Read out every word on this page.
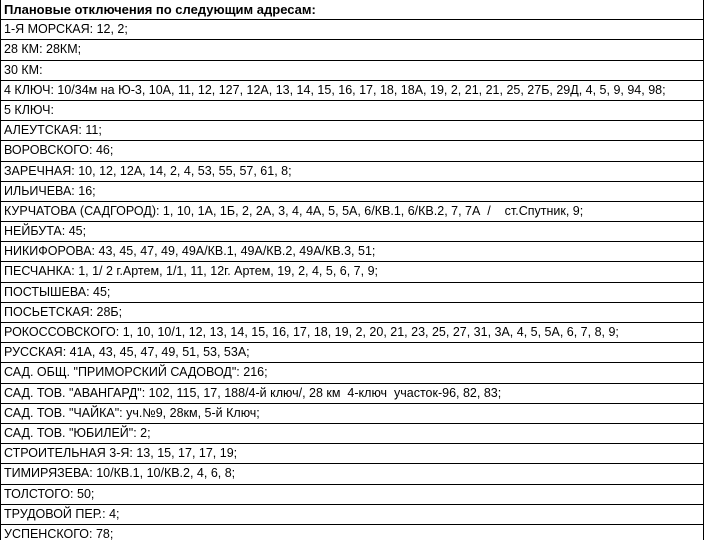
Плановые отключения по следующим адресам:
1-Я МОРСКАЯ: 12, 2;
28 КМ: 28КМ;
30 КМ:
4 КЛЮЧ: 10/34м на Ю-3, 10А, 11, 12, 127, 12А, 13, 14, 15, 16, 17, 18, 18А, 19, 2, 21, 21, 25, 27Б, 29Д, 4, 5, 9, 94, 98;
5 КЛЮЧ:
АЛЕУТСКАЯ: 11;
ВОРОВСКОГО: 46;
ЗАРЕЧНАЯ: 10, 12, 12А, 14, 2, 4, 53, 55, 57, 61, 8;
ИЛЬИЧЕВА: 16;
КУРЧАТОВА (САДГОРОД): 1, 10, 1А, 1Б, 2, 2А, 3, 4, 4А, 5, 5А, 6/КВ.1, 6/КВ.2, 7, 7А  /    ст.Спутник, 9;
НЕЙБУТА: 45;
НИКИФОРОВА: 43, 45, 47, 49, 49А/КВ.1, 49А/КВ.2, 49А/КВ.3, 51;
ПЕСЧАНКА: 1, 1/ 2 г.Артем, 1/1, 11, 12г. Артем, 19, 2, 4, 5, 6, 7, 9;
ПОСТЫШЕВА: 45;
ПОСЬЕТСКАЯ: 28Б;
РОКОССОВСКОГО: 1, 10, 10/1, 12, 13, 14, 15, 16, 17, 18, 19, 2, 20, 21, 23, 25, 27, 31, 3А, 4, 5, 5А, 6, 7, 8, 9;
РУССКАЯ: 41А, 43, 45, 47, 49, 51, 53, 53А;
САД. ОБЩ. "ПРИМОРСКИЙ САДОВОД": 216;
САД. ТОВ. "АВАНГАРД": 102, 115, 17, 188/4-й ключ/, 28 км  4-ключ  участок-96, 82, 83;
САД. ТОВ. "ЧАЙКА": уч.№9, 28км, 5-й Ключ;
САД. ТОВ. "ЮБИЛЕЙ": 2;
СТРОИТЕЛЬНАЯ 3-Я: 13, 15, 17, 17, 19;
ТИМИРЯЗЕВА: 10/КВ.1, 10/КВ.2, 4, 6, 8;
ТОЛСТОГО: 50;
ТРУДОВОЙ ПЕР.: 4;
УСПЕНСКОГО: 78;
